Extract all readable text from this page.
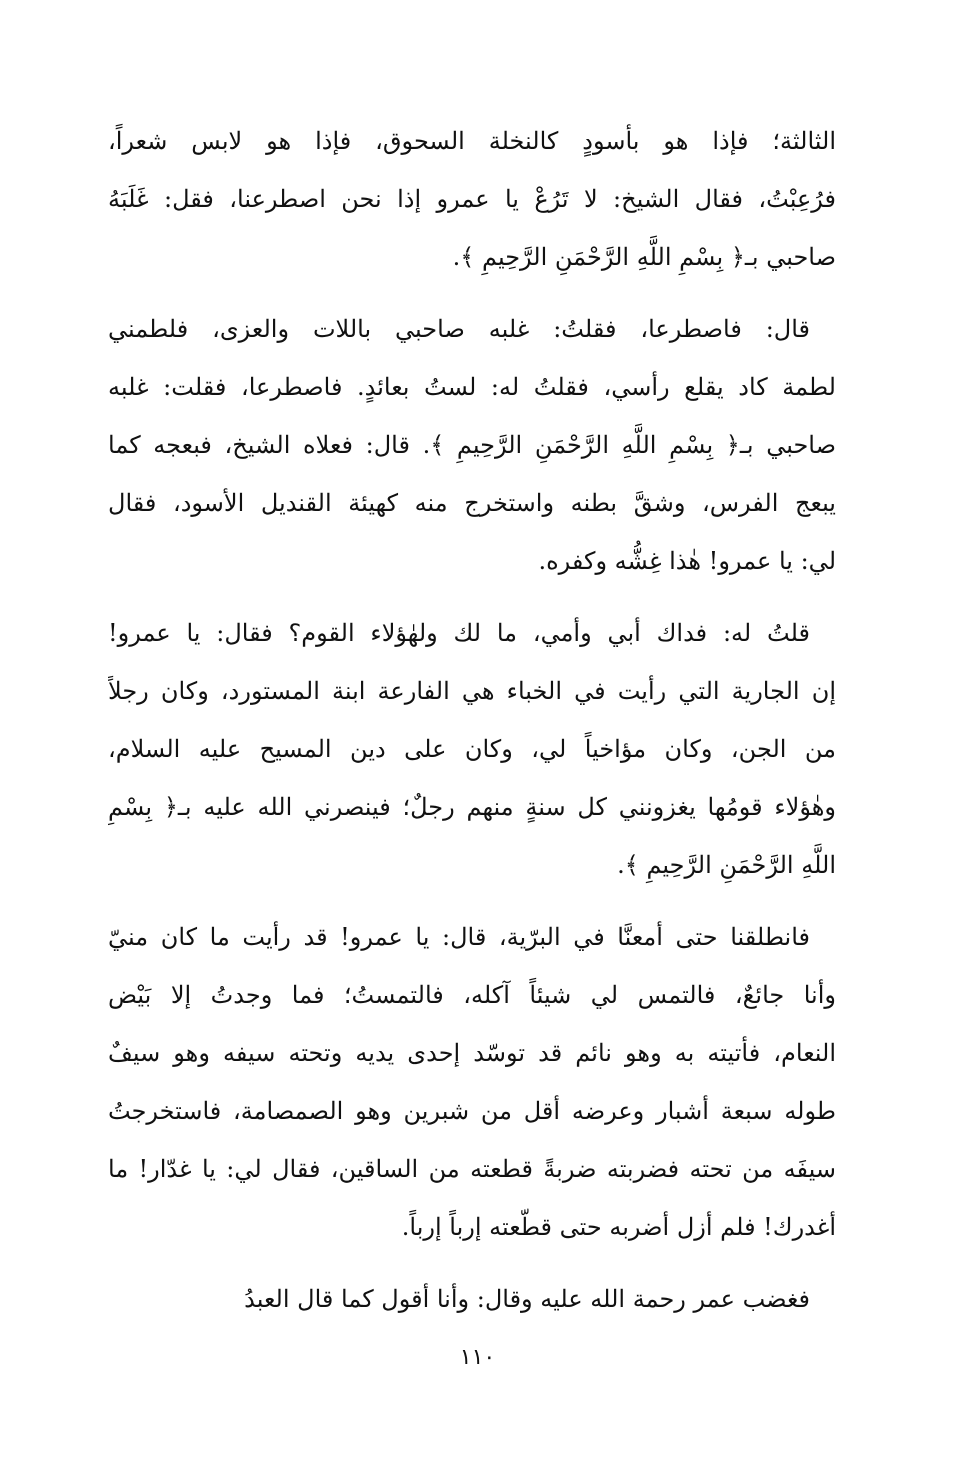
الثالثة؛ فإذا هو بأسودٍ كالنخلة السحوق، فإذا هو لابس شعراً،
فرُعِبْتُ، فقال الشيخ: لا تَرُعْ يا عمرو إذا نحن اصطرعنا، فقل: غَلَبَهُ
صاحبي بـ﴿ بِسْمِ اللَّهِ الرَّحْمَنِ الرَّحِيمِ ﴾.
قال: فاصطرعا، فقلتُ: غلبه صاحبي باللات والعزى، فلطمني
لطمة كاد يقلع رأسي، فقلتُ له: لستُ بعائدٍ. فاصطرعا، فقلت: غلبه
صاحبي بـ﴿ بِسْمِ اللَّهِ الرَّحْمَنِ الرَّحِيمِ ﴾. قال: فعلاه الشيخ، فبعجه كما
يبعج الفرس، وشقَّ بطنه واستخرج منه كهيئة القنديل الأسود، فقال
لي: يا عمرو! هٰذا غِشُّه وكفره.
قلتُ له: فداك أبي وأمي، ما لك ولهٰؤلاء القوم؟ فقال: يا عمرو!
إن الجارية التي رأيت في الخباء هي الفارعة ابنة المستورد، وكان رجلاً
من الجن، وكان مؤاخياً لي، وكان على دين المسيح عليه السلام،
وهٰؤلاء قومُها يغزونني كل سنةٍ منهم رجلٌ؛ فينصرني الله عليه بـ﴿ بِسْمِ
اللَّهِ الرَّحْمَنِ الرَّحِيمِ ﴾.
فانطلقنا حتى أمعنَّا في البرّية، قال: يا عمرو! قد رأيت ما كان منيّ
وأنا جائعٌ، فالتمس لي شيئاً آكله، فالتمستُ؛ فما وجدتُ إلا بَيْض
النعام، فأتيته به وهو نائم قد توسّد إحدى يديه وتحته سيفه وهو سيفٌ
طوله سبعة أشبار وعرضه أقل من شبرين وهو الصمصامة، فاستخرجتُ
سيفَه من تحته فضربته ضربةً قطعته من الساقين، فقال لي: يا غدّار! ما
أغدرك! فلم أزل أضربه حتى قطّعته إرباً إرباً.
فغضب عمر رحمة الله عليه وقال: وأنا أقول كما قال العبدُ
١١٠
